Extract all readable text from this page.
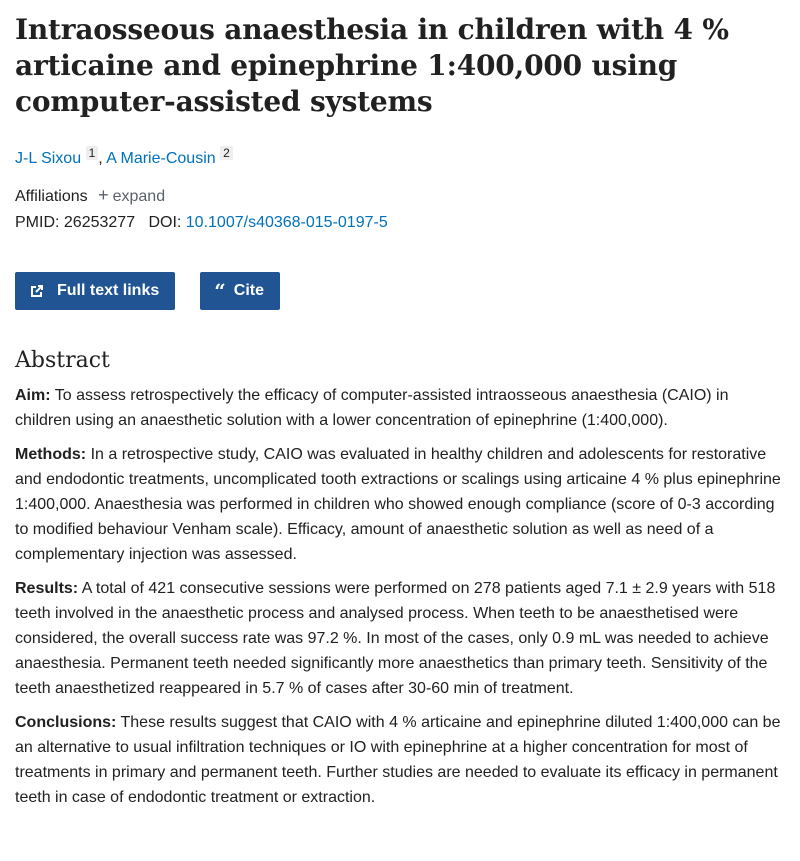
Intraosseous anaesthesia in children with 4 % articaine and epinephrine 1:400,000 using computer-assisted systems
J-L Sixou 1 , A Marie-Cousin 2
Affiliations + expand
PMID: 26253277 DOI: 10.1007/s40368-015-0197-5
Full text links	“ Cite
Abstract

Aim: To assess retrospectively the efficacy of computer-assisted intraosseous anaesthesia (CAIO) in children using an anaesthetic solution with a lower concentration of epinephrine (1:400,000).

Methods: In a retrospective study, CAIO was evaluated in healthy children and adolescents for restorative and endodontic treatments, uncomplicated tooth extractions or scalings using articaine 4 % plus epinephrine 1:400,000. Anaesthesia was performed in children who showed enough compliance (score of 0-3 according to modified behaviour Venham scale). Efficacy, amount of anaesthetic solution as well as need of a complementary injection was assessed.

Results: A total of 421 consecutive sessions were performed on 278 patients aged 7.1 ± 2.9 years with 518 teeth involved in the anaesthetic process and analysed process. When teeth to be anaesthetised were considered, the overall success rate was 97.2 %. In most of the cases, only 0.9 mL was needed to achieve anaesthesia. Permanent teeth needed significantly more anaesthetics than primary teeth. Sensitivity of the teeth anaesthetized reappeared in 5.7 % of cases after 30-60 min of treatment.

Conclusions: These results suggest that CAIO with 4 % articaine and epinephrine diluted 1:400,000 can be an alternative to usual infiltration techniques or IO with epinephrine at a higher concentration for most of treatments in primary and permanent teeth. Further studies are needed to evaluate its efficacy in permanent teeth in case of endodontic treatment or extraction.
